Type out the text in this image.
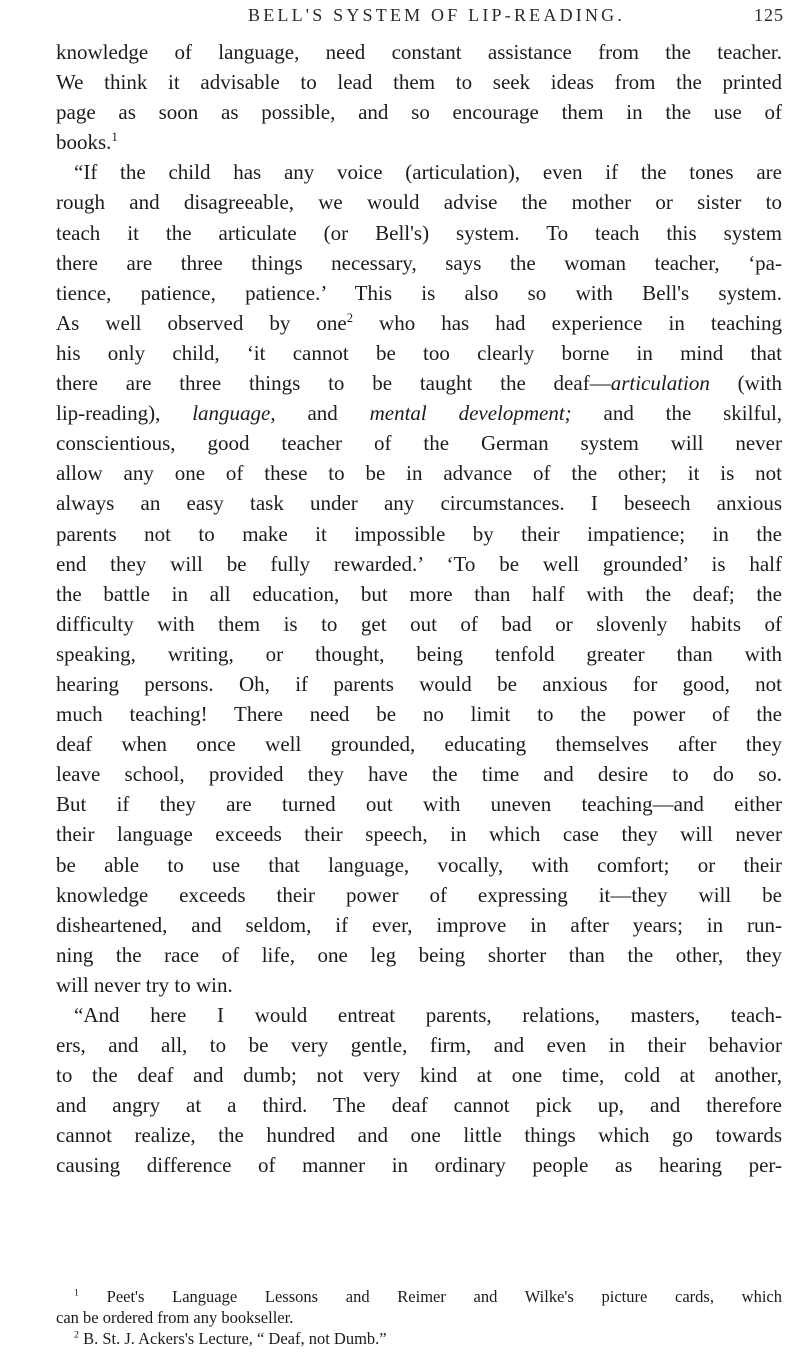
BELL'S SYSTEM OF LIP-READING.	125
knowledge of language, need constant assistance from the teacher.
We think it advisable to lead them to seek ideas from the printed
page as soon as possible, and so encourage them in the use of
books.$^1$
“If the child has any voice (articulation), even if the tones are
rough and disagreeable, we would advise the mother or sister to
teach it the articulate (or Bell's) system. To teach this system
there are three things necessary, says the woman teacher, ‘pa-
tience, patience, patience.’ This is also so with Bell's system.
As well observed by one$^2$ who has had experience in teaching
his only child, ‘it cannot be too clearly borne in mind that
there are three things to be taught the deaf—articulation (with
lip-reading), language, and mental development; and the skilful,
conscientious, good teacher of the German system will never
allow any one of these to be in advance of the other; it is not
always an easy task under any circumstances. I beseech anxious
parents not to make it impossible by their impatience; in the
end they will be fully rewarded.’ ‘To be well grounded’ is half
the battle in all education, but more than half with the deaf; the
difficulty with them is to get out of bad or slovenly habits of
speaking, writing, or thought, being tenfold greater than with
hearing persons. Oh, if parents would be anxious for good, not
much teaching! There need be no limit to the power of the
deaf when once well grounded, educating themselves after they
leave school, provided they have the time and desire to do so.
But if they are turned out with uneven teaching—and either
their language exceeds their speech, in which case they will never
be able to use that language, vocally, with comfort; or their
knowledge exceeds their power of expressing it—they will be
disheartened, and seldom, if ever, improve in after years; in run-
ning the race of life, one leg being shorter than the other, they
will never try to win.
“And here I would entreat parents, relations, masters, teach-
ers, and all, to be very gentle, firm, and even in their behavior
to the deaf and dumb; not very kind at one time, cold at another,
and angry at a third. The deaf cannot pick up, and therefore
cannot realize, the hundred and one little things which go towards
causing difference of manner in ordinary people as hearing per-
$^1$ Peet's Language Lessons and Reimer and Wilke's picture cards, which
can be ordered from any bookseller.
$^2$ B. St. J. Ackers's Lecture, “ Deaf, not Dumb.”
